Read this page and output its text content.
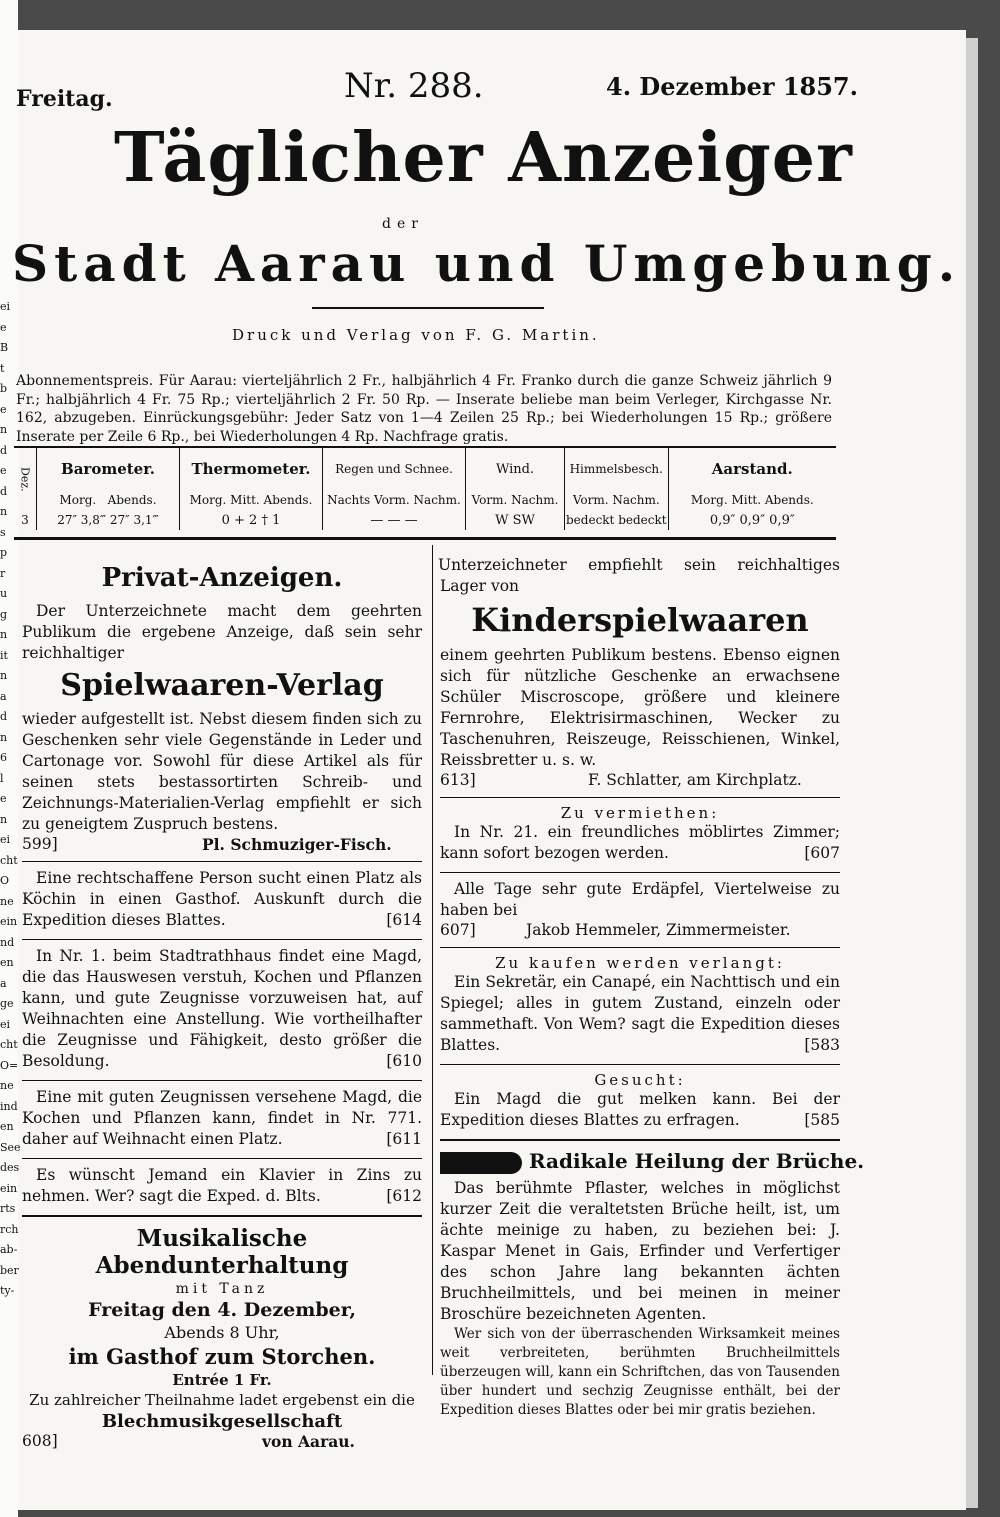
Freitag.	Nr. 288.	4. Dezember 1857.
Täglicher Anzeiger
der
Stadt Aarau und Umgebung.
Druck und Verlag von F. G. Martin.
Abonnementspreis. Für Aarau: vierteljährlich 2 Fr., halbjährlich 4 Fr. Franko durch die ganze Schweiz jährlich 9 Fr.; halbjährlich 4 Fr. 75 Rp.; vierteljährlich 2 Fr. 50 Rp. — Inserate beliebe man beim Verleger, Kirchgasse Nr. 162, abzugeben. Einrückungsgebühr: Jeder Satz von 1—4 Zeilen 25 Rp.; bei Wiederholungen 15 Rp.; größere Inserate per Zeile 6 Rp., bei Wiederholungen 4 Rp. Nachfrage gratis.
Dez.	Barometer.	Thermometer.	Regen und Schnee.	Wind.	Himmelsbesch.	Aarstand.
	Morg. Abends.	Morg. Mitt. Abends.	Nachts Vorm. Nachm.	Vorm. Nachm.	Vorm. Nachm.	Morg. Mitt. Abends.
3	27″ 3,8‴ 27″ 3,1‴	0 + 2 † 1	— — —	W SW	bedeckt bedeckt	0,9″ 0,9″ 0,9″
Privat-Anzeigen.
Der Unterzeichnete macht dem geehrten Publikum die ergebene Anzeige, daß sein sehr reichhaltiger
Spielwaaren-Verlag
wieder aufgestellt ist. Nebst diesem finden sich zu Geschenken sehr viele Gegenstände in Leder und Cartonage vor. Sowohl für diese Artikel als für seinen stets bestassortirten Schreib- und Zeichnungs-Materialien-Verlag empfiehlt er sich zu geneigtem Zuspruch bestens.
599]	Pl. Schmuziger-Fisch.
Eine rechtschaffene Person sucht einen Platz als Köchin in einen Gasthof. Auskunft durch die Expedition dieses Blattes.	[614
In Nr. 1. beim Stadtrathhaus findet eine Magd, die das Hauswesen verstuh, Kochen und Pflanzen kann, und gute Zeugnisse vorzuweisen hat, auf Weihnachten eine Anstellung. Wie vortheilhafter die Zeugnisse und Fähigkeit, desto größer die Besoldung.	[610
Eine mit guten Zeugnissen versehene Magd, die Kochen und Pflanzen kann, findet in Nr. 771. daher auf Weihnacht einen Platz.	[611
Es wünscht Jemand ein Klavier in Zins zu nehmen. Wer? sagt die Exped. d. Blts.	[612
Musikalische Abendunterhaltung
mit Tanz
Freitag den 4. Dezember,
Abends 8 Uhr,
im Gasthof zum Storchen.
Entrée 1 Fr.
Zu zahlreicher Theilnahme ladet ergebenst ein die
Blechmusikgesellschaft
608]	von Aarau.
Unterzeichneter empfiehlt sein reichhaltiges Lager von
Kinderspielwaaren
einem geehrten Publikum bestens. Ebenso eignen sich für nützliche Geschenke an erwachsene Schüler Miscroscope, größere und kleinere Fernrohre, Elektrisirmaschinen, Wecker zu Taschenuhren, Reiszeuge, Reisschienen, Winkel, Reissbretter u. s. w.
613]	F. Schlatter, am Kirchplatz.
Zu vermiethen:
In Nr. 21. ein freundliches möblirtes Zimmer; kann sofort bezogen werden.	[607
Alle Tage sehr gute Erdäpfel, Viertelweise zu haben bei
607]	Jakob Hemmeler, Zimmermeister.
Zu kaufen werden verlangt:
Ein Sekretär, ein Canapé, ein Nachttisch und ein Spiegel; alles in gutem Zustand, einzeln oder sammethaft. Von Wem? sagt die Expedition dieses Blattes.	[583
Gesucht:
Ein Magd die gut melken kann. Bei der Expedition dieses Blattes zu erfragen.	[585
Radikale Heilung der Brüche.
Das berühmte Pflaster, welches in möglichst kurzer Zeit die veraltetsten Brüche heilt, ist, um ächte meinige zu haben, zu beziehen bei: J. Kaspar Menet in Gais, Erfinder und Verfertiger des schon Jahre lang bekannten ächten Bruchheilmittels, und bei meinen in meiner Broschüre bezeichneten Agenten.
Wer sich von der überraschenden Wirksamkeit meines weit verbreiteten, berühmten Bruchheilmittels überzeugen will, kann ein Schriftchen, das von Tausenden über hundert und sechzig Zeugnisse enthält, bei der Expedition dieses Blattes oder bei mir gratis beziehen.
ei
e
B
t
b
e
n
d
e
d
n
s
p
r
u
g
n
it
n
a
d
n
6
l
e
n
ei
cht
O
ne
ein
nd
en
a
ge
ei
cht
O=
ne
ind
en
See
des
ein
rts
rch
ab-
ber
ty-
